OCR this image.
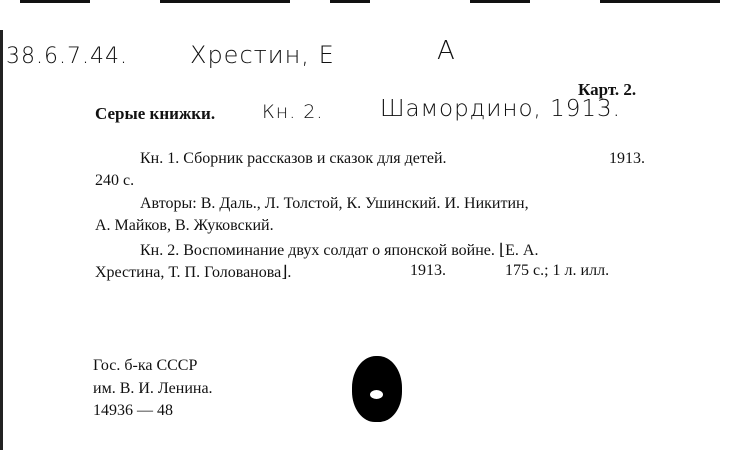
38.6.7.44.	Хрестин, Е	А
Карт. 2.
Серые книжки. Кн. 2. Шамордино, 1913.
Кн. 1. Сборник рассказов и сказок для детей.	1913.
240 с.
Авторы: В. Даль., Л. Толстой, К. Ушинский. И. Никитин,
А. Майков, В. Жуковский.
Кн. 2. Воспоминание двух солдат о японской войне. ⌊Е. А.
Хрестина, Т. П. Голованова⌋.	1913.	175 с.; 1 л. илл.
Гос. б-ка СССР
им. В. И. Ленина.
14936 — 48
